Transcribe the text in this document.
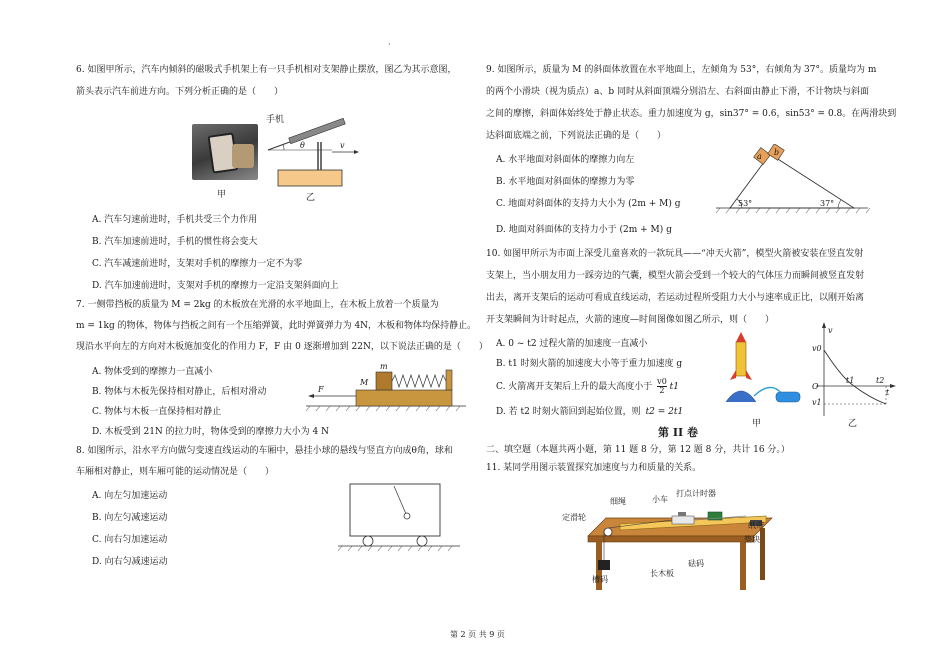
·
6. 如图甲所示，汽车内倾斜的磁吸式手机架上有一只手机相对支架静止摆放，图乙为其示意图，
箭头表示汽车前进方向。下列分析正确的是（　　）
甲
手机
θ	v
乙
A. 汽车匀速前进时，手机共受三个力作用
B. 汽车加速前进时，手机的惯性将会变大
C. 汽车减速前进时，支架对手机的摩擦力一定不为零
D. 汽车加速前进时，支架对手机的摩擦力一定沿支架斜面向上
7. 一侧带挡板的质量为 M = 2kg 的木板放在光滑的水平地面上，在木板上放着一个质量为
m = 1kg 的物体，物体与挡板之间有一个压缩弹簧，此时弹簧弹力为 4N，木板和物体均保持静止。
现沿水平向左的方向对木板施加变化的作用力 F，F 由 0 逐渐增加到 22N，以下说法正确的是（　　）
A. 物体受到的摩擦力一直减小
B. 物体与木板先保持相对静止，后相对滑动
C. 物体与木板一直保持相对静止
D. 木板受到 21N 的拉力时，物体受到的摩擦力大小为 4 N
F
M
m
8. 如图所示，沿水平方向做匀变速直线运动的车厢中，悬挂小球的悬线与竖直方向成θ角，球和
车厢相对静止，则车厢可能的运动情况是（　　）
A. 向左匀加速运动
B. 向左匀减速运动
C. 向右匀加速运动
D. 向右匀减速运动
9. 如图所示，质量为 M 的斜面体放置在水平地面上，左倾角为 53°，右倾角为 37°。质量均为 m
的两个小滑块（视为质点）a、b 同时从斜面顶端分别沿左、右斜面由静止下滑，不计物块与斜面
之间的摩擦，斜面体始终处于静止状态。重力加速度为 g，sin37° = 0.6，sin53° = 0.8。在两滑块到
达斜面底端之前，下列说法正确的是（　　）
A. 水平地面对斜面体的摩擦力向左
B. 水平地面对斜面体的摩擦力为零
C. 地面对斜面体的支持力大小为 (2m + M) g
D. 地面对斜面体的支持力小于 (2m + M) g
a b
53°	37°
10. 如图甲所示为市面上深受儿童喜欢的一款玩具——“冲天火箭”，模型火箭被安装在竖直发射
支架上，当小朋友用力一踩旁边的气囊，模型火箭会受到一个较大的气体压力而瞬间被竖直发射
出去，离开支架后的运动可看成直线运动，若运动过程所受阻力大小与速率成正比，以刚开始离
开支架瞬间为计时起点，火箭的速度—时间图像如图乙所示，则（　　）
A. 0 ~ t2 过程火箭的加速度一直减小
B. t1 时刻火箭的加速度大小等于重力加速度 g
C. 火箭离开支架后上升的最大高度小于 $\frac{v0}{2} t1$
D. 若 t2 时刻火箭回到起始位置，则 t2 = 2t1
甲
v
v0
O
v1
t1	t2
t
乙
第 II 卷
二、填空题（本题共两小题，第 11 题 8 分，第 12 题 8 分，共计 16 分。）
11. 某同学用图示装置探究加速度与力和质量的关系。
定滑轮
细绳	小车
打点计时器
纸带
垫块
长木板
砝码
槽码
第 2 页 共 9 页
